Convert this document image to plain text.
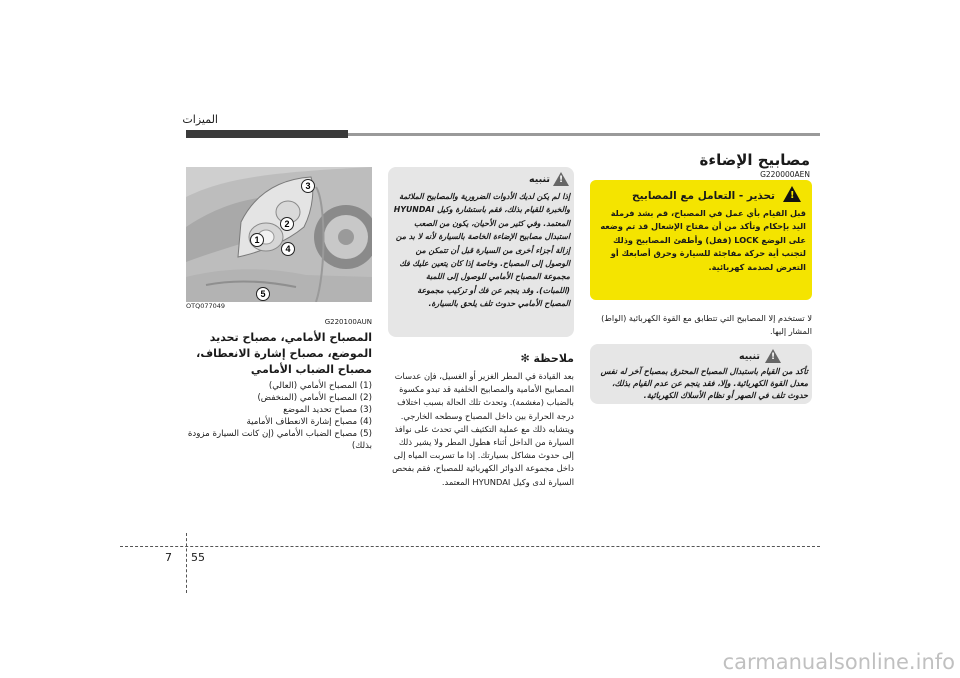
ﺍﻟﻤﻴﺰﺍﺕ
ﻣﺼﺎﺑﻴﺢ ﺍﻹﺿﺎﺀﺓ
G220000AEN
!
ﺗﺤﺬﻳﺮ - ﺍﻟﺘﻌﺎﻣﻞ ﻣﻊ ﺍﻟﻤﺼﺎﺑﻴﺢ
ﻗﺒﻞ ﺍﻟﻘﻴﺎﻡ ﺑﺄﻱ ﻋﻤﻞ ﻓﻲ ﺍﻟﻤﺼﺒﺎﺡ، ﻗﻢ ﺑﺸﺪ ﻓﺮﻣﻠﺔ ﺍﻟﻴﺪ ﺑﺈﺣﻜﺎﻡ ﻭﺗﺄﻛﺪ ﻣﻦ ﺃﻥ ﻣﻔﺘﺎﺡ ﺍﻹﺷﻌﺎﻝ ﻗﺪ ﺗﻢ ﻭﺿﻌﻪ ﻋﻠﻰ ﺍﻟﻮﺿﻊ LOCK (ﻗﻔﻞ) ﻭﺃﻃﻔﺊ ﺍﻟﻤﺼﺎﺑﻴﺢ ﻭﺫﻟﻚ ﻟﺘﺠﻨﺐ ﺃﻳﺔ ﺣﺮﻛﺔ ﻣﻔﺎﺟﺌﺔ ﻟﻠﺴﻴﺎﺭﺓ ﻭﺣﺮﻕ ﺃﺻﺎﺑﻌﻚ ﺃﻭ ﺍﻟﺘﻌﺮﺽ ﻟﺼﺪﻣﺔ ﻛﻬﺮﺑﺎﺋﻴﺔ.
ﻻ ﺗﺴﺘﺨﺪﻡ ﺇﻻ ﺍﻟﻤﺼﺎﺑﻴﺢ ﺍﻟﺘﻲ ﺗﺘﻄﺎﺑﻖ ﻣﻊ ﺍﻟﻘﻮﺓ ﺍﻟﻜﻬﺮﺑﺎﺋﻴﺔ (ﺍﻟﻮﺍﻁ) ﺍﻟﻤﺸﺎﺭ ﺇﻟﻴﻬﺎ.
!
ﺗﻨﺒﻴﻪ
ﺗﺄﻛﺪ ﻣﻦ ﺍﻟﻘﻴﺎﻡ ﺑﺎﺳﺘﺒﺪﺍﻝ ﺍﻟﻤﺼﺒﺎﺡ ﺍﻟﻤﺤﺘﺮﻕ ﺑﻤﺼﺒﺎﺡ ﺁﺧﺮ ﻟﻪ ﻧﻔﺲ ﻣﻌﺪﻝ ﺍﻟﻘﻮﺓ ﺍﻟﻜﻬﺮﺑﺎﺋﻴﺔ. ﻭﺇﻻ، ﻓﻘﺪ ﻳﻨﺠﻢ ﻋﻦ ﻋﺪﻡ ﺍﻟﻘﻴﺎﻡ ﺑﺬﻟﻚ، ﺣﺪﻭﺙ ﺗﻠﻒ ﻓﻲ ﺍﻟﺼﻬﺮ ﺃﻭ ﻧﻈﺎﻡ ﺍﻷﺳﻼﻙ ﺍﻟﻜﻬﺮﺑﺎﺋﻴﺔ.
!
ﺗﻨﺒﻴﻪ
ﺇﺫﺍ ﻟﻢ ﻳﻜﻦ ﻟﺪﻳﻚ ﺍﻷﺩﻭﺍﺕ ﺍﻟﻀﺮﻭﺭﻳﺔ ﻭﺍﻟﻤﺼﺎﺑﻴﺢ ﺍﻟﻤﻼﺋﻤﺔ ﻭﺍﻟﺨﺒﺮﺓ ﻟﻠﻘﻴﺎﻡ ﺑﺬﻟﻚ، ﻓﻘﻢ ﺑﺎﺳﺘﺸﺎﺭﺓ ﻭﻛﻴﻞ HYUNDAI ﺍﻟﻤﻌﺘﻤﺪ. ﻭﻓﻲ ﻛﺜﻴﺮ ﻣﻦ ﺍﻷﺣﻴﺎﻥ، ﻳﻜﻮﻥ ﻣﻦ ﺍﻟﺼﻌﺐ ﺍﺳﺘﺒﺪﺍﻝ ﻣﺼﺎﺑﻴﺢ ﺍﻹﺿﺎﺀﺓ ﺍﻟﺨﺎﺻﺔ ﺑﺎﻟﺴﻴﺎﺭﺓ ﻷﻧﻪ ﻻ ﺑﺪ ﻣﻦ ﺇﺯﺍﻟﺔ ﺃﺟﺰﺍﺀ ﺃﺧﺮﻯ ﻣﻦ ﺍﻟﺴﻴﺎﺭﺓ ﻗﺒﻞ ﺃﻥ ﺗﺘﻤﻜﻦ ﻣﻦ ﺍﻟﻮﺻﻮﻝ ﺇﻟﻰ ﺍﻟﻤﺼﺒﺎﺡ. ﻭﺧﺎﺻﺔ ﺇﺫﺍ ﻛﺎﻥ ﻳﺘﻌﻴﻦ ﻋﻠﻴﻚ ﻓﻚ ﻣﺠﻤﻮﻋﺔ ﺍﻟﻤﺼﺒﺎﺡ ﺍﻷﻣﺎﻣﻲ ﻟﻠﻮﺻﻮﻝ ﺇﻟﻰ ﺍﻟﻠﻤﺒﺔ (ﺍﻟﻠﻤﺒﺎﺕ). ﻭﻗﺪ ﻳﻨﺠﻢ ﻋﻦ ﻓﻚ ﺃﻭ ﺗﺮﻛﻴﺐ ﻣﺠﻤﻮﻋﺔ ﺍﻟﻤﺼﺒﺎﺡ ﺍﻷﻣﺎﻣﻲ ﺣﺪﻭﺙ ﺗﻠﻒ ﻳﻠﺤﻖ ﺑﺎﻟﺴﻴﺎﺭﺓ.
ﻣﻼﺣﻈﺔ ✻
ﺑﻌﺪ ﺍﻟﻘﻴﺎﺩﺓ ﻓﻲ ﺍﻟﻤﻄﺮ ﺍﻟﻐﺰﻳﺮ ﺃﻭ ﺍﻟﻐﺴﻴﻞ، ﻓﺈﻥ ﻋﺪﺳﺎﺕ ﺍﻟﻤﺼﺎﺑﻴﺢ ﺍﻷﻣﺎﻣﻴﺔ ﻭﺍﻟﻤﺼﺎﺑﻴﺢ ﺍﻟﺨﻠﻔﻴﺔ ﻗﺪ ﺗﺒﺪﻭ ﻣﻜﺴﻮﺓ ﺑﺎﻟﻀﺒﺎﺏ (ﻣﻐﺸﻤﺔ). ﻭﺗﺤﺪﺙ ﺗﻠﻚ ﺍﻟﺤﺎﻟﺔ ﺑﺴﺒﺐ ﺍﺧﺘﻼﻑ ﺩﺭﺟﺔ ﺍﻟﺤﺮﺍﺭﺓ ﺑﻴﻦ ﺩﺍﺧﻞ ﺍﻟﻤﺼﺒﺎﺡ ﻭﺳﻄﺤﻪ ﺍﻟﺨﺎﺭﺟﻲ. ﻭﻳﺘﺸﺎﺑﻪ ﺫﻟﻚ ﻣﻊ ﻋﻤﻠﻴﺔ ﺍﻟﺘﻜﺜﻴﻒ ﺍﻟﺘﻲ ﺗﺤﺪﺙ ﻋﻠﻰ ﻧﻮﺍﻓﺬ ﺍﻟﺴﻴﺎﺭﺓ ﻣﻦ ﺍﻟﺪﺍﺧﻞ ﺃﺛﻨﺎﺀ ﻫﻄﻮﻝ ﺍﻟﻤﻄﺮ ﻭﻻ ﻳﺸﻴﺮ ﺫﻟﻚ ﺇﻟﻰ ﺣﺪﻭﺙ ﻣﺸﺎﻛﻞ ﺑﺴﻴﺎﺭﺗﻚ. ﺇﺫﺍ ﻣﺎ ﺗﺴﺮﺑﺖ ﺍﻟﻤﻴﺎﻩ ﺇﻟﻰ ﺩﺍﺧﻞ ﻣﺠﻤﻮﻋﺔ ﺍﻟﺪﻭﺍﺋﺮ ﺍﻟﻜﻬﺮﺑﺎﺋﻴﺔ ﻟﻠﻤﺼﺒﺎﺡ، ﻓﻘﻢ ﺑﻔﺤﺺ ﺍﻟﺴﻴﺎﺭﺓ ﻟﺪﻯ ﻭﻛﻴﻞ HYUNDAI ﺍﻟﻤﻌﺘﻤﺪ.
1
2
3
4
5
OTQ077049
G220100AUN
ﺍﻟﻤﺼﺒﺎﺡ ﺍﻷﻣﺎﻣﻲ، ﻣﺼﺒﺎﺡ ﺗﺤﺪﻳﺪ ﺍﻟﻤﻮﺿﻊ، ﻣﺼﺒﺎﺡ ﺇﺷﺎﺭﺓ ﺍﻻﻧﻌﻄﺎﻑ، ﻣﺼﺒﺎﺡ ﺍﻟﻀﺒﺎﺏ ﺍﻷﻣﺎﻣﻲ
(1) ﺍﻟﻤﺼﺒﺎﺡ ﺍﻷﻣﺎﻣﻲ (ﺍﻟﻌﺎﻟﻲ)
(2) ﺍﻟﻤﺼﺒﺎﺡ ﺍﻷﻣﺎﻣﻲ (ﺍﻟﻤﻨﺨﻔﺾ)
(3) ﻣﺼﺒﺎﺡ ﺗﺤﺪﻳﺪ ﺍﻟﻤﻮﺿﻊ
(4) ﻣﺼﺒﺎﺡ ﺇﺷﺎﺭﺓ ﺍﻻﻧﻌﻄﺎﻑ ﺍﻷﻣﺎﻣﻴﺔ
(5) ﻣﺼﺒﺎﺡ ﺍﻟﻀﺒﺎﺏ ﺍﻷﻣﺎﻣﻲ (ﺇﻥ ﻛﺎﻧﺖ ﺍﻟﺴﻴﺎﺭﺓ ﻣﺰﻭﺩﺓ ﺑﺬﻟﻚ)
7 55
carmanualsonline.info
